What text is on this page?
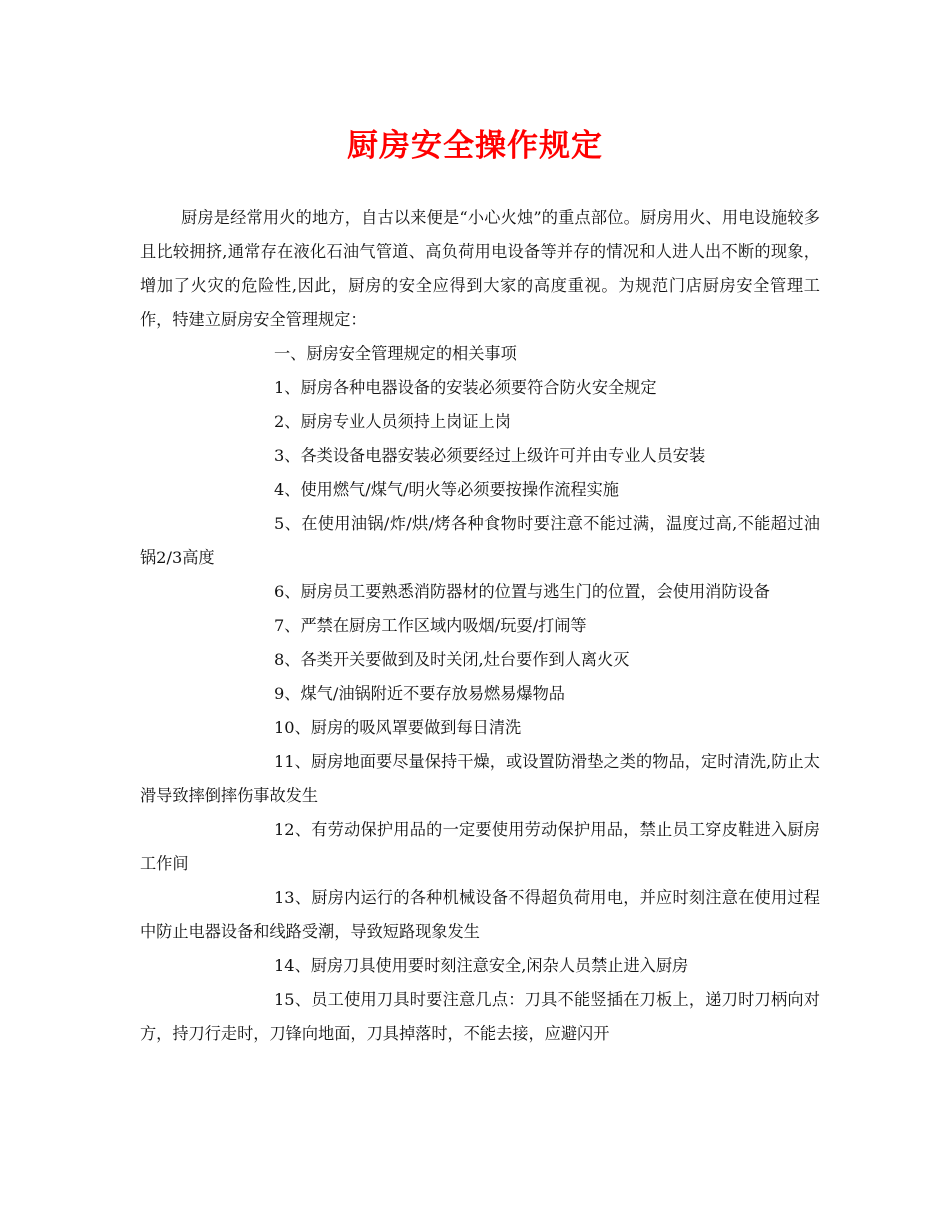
厨房安全操作规定

厨房是经常用火的地方，自古以来便是“小心火烛”的重点部位。厨房用火、用电设施较多且比较拥挤,通常存在液化石油气管道、高负荷用电设备等并存的情况和人进人出不断的现象， 增加了火灾的危险性,因此，厨房的安全应得到大家的高度重视。为规范门店厨房安全管理工作，特建立厨房安全管理规定：

一、厨房安全管理规定的相关事项

1、厨房各种电器设备的安装必须要符合防火安全规定

2、厨房专业人员须持上岗证上岗

3、各类设备电器安装必须要经过上级许可并由专业人员安装

4、使用燃气/煤气/明火等必须要按操作流程实施

5、在使用油锅/炸/烘/烤各种食物时要注意不能过满，温度过高,不能超过油锅2/3高度

6、厨房员工要熟悉消防器材的位置与逃生门的位置，会使用消防设备

7、严禁在厨房工作区域内吸烟/玩耍/打闹等

8、各类开关要做到及时关闭,灶台要作到人离火灭

9、煤气/油锅附近不要存放易燃易爆物品

10、厨房的吸风罩要做到每日清洗

11、厨房地面要尽量保持干燥，或设置防滑垫之类的物品，定时清洗,防止太滑导致摔倒摔伤事故发生

12、有劳动保护用品的一定要使用劳动保护用品，禁止员工穿皮鞋进入厨房工作间

13、厨房内运行的各种机械设备不得超负荷用电，并应时刻注意在使用过程中防止电器设备和线路受潮，导致短路现象发生

14、厨房刀具使用要时刻注意安全,闲杂人员禁止进入厨房

15、员工使用刀具时要注意几点：刀具不能竖插在刀板上，递刀时刀柄向对方，持刀行走时，刀锋向地面，刀具掉落时，不能去接，应避闪开
